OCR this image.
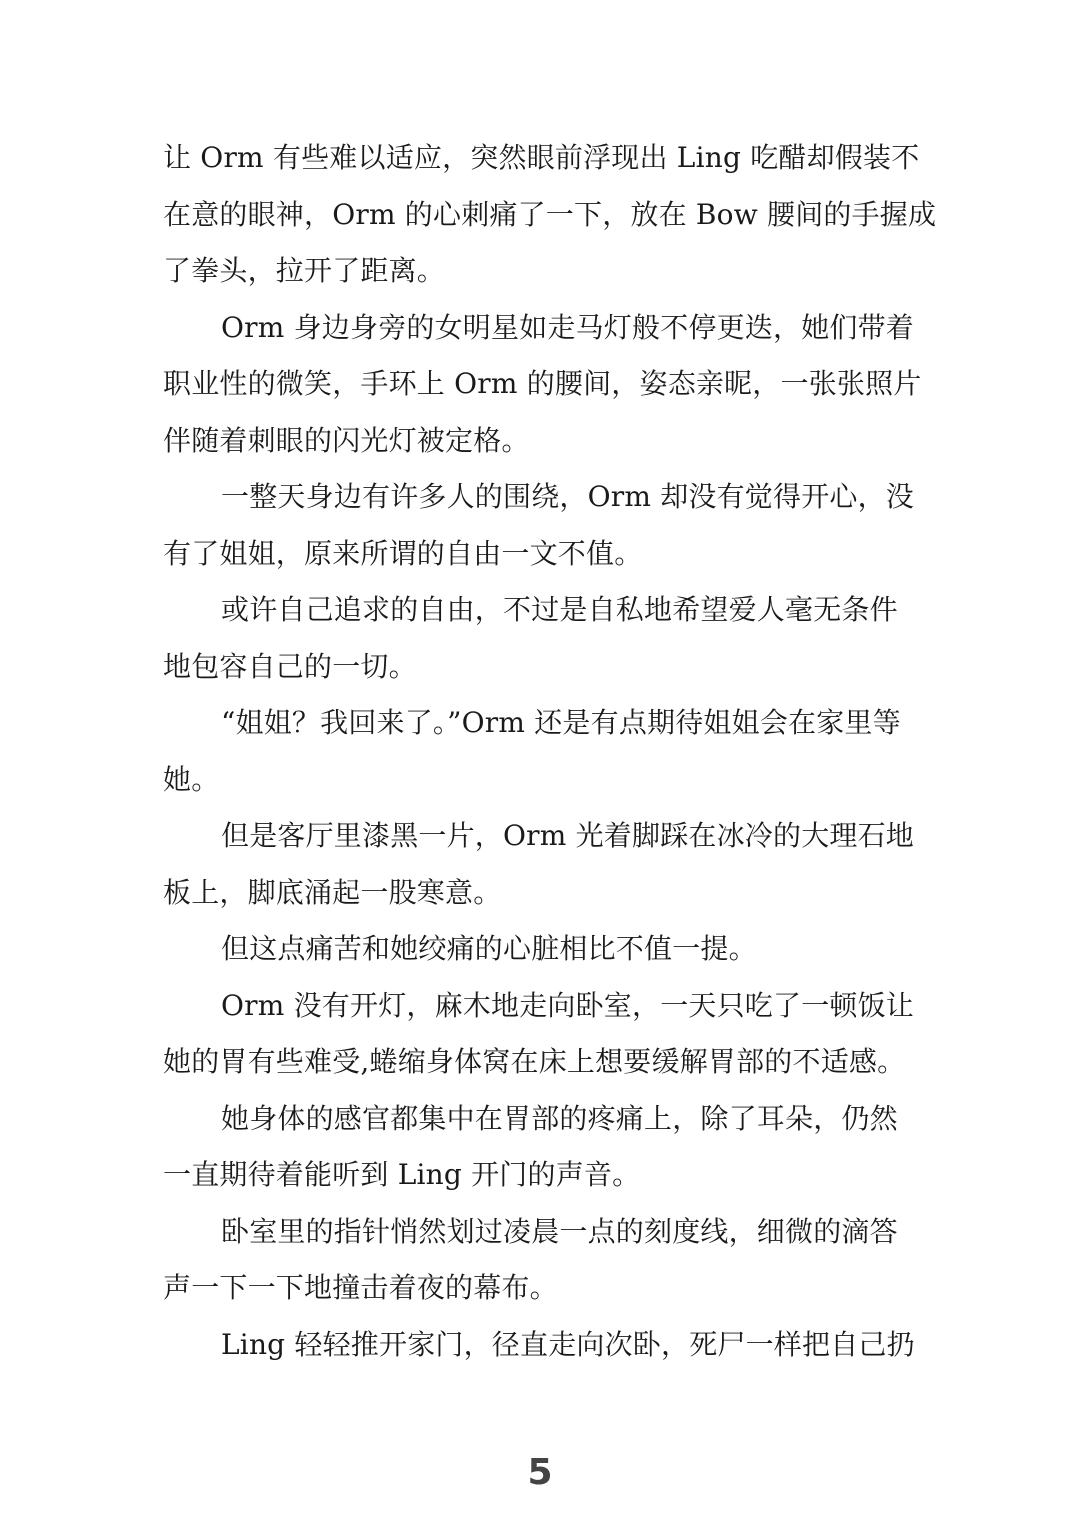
让 Orm 有些难以适应，突然眼前浮现出 Ling 吃醋却假装不
在意的眼神，Orm 的心刺痛了一下，放在 Bow 腰间的手握成
了拳头，拉开了距离。
Orm 身边身旁的女明星如走马灯般不停更迭，她们带着
职业性的微笑，手环上 Orm 的腰间，姿态亲昵，一张张照片
伴随着刺眼的闪光灯被定格。
一整天身边有许多人的围绕，Orm 却没有觉得开心，没
有了姐姐，原来所谓的自由一文不值。
或许自己追求的自由，不过是自私地希望爱人毫无条件
地包容自己的一切。
“姐姐？我回来了。”Orm 还是有点期待姐姐会在家里等
她。
但是客厅里漆黑一片，Orm 光着脚踩在冰冷的大理石地
板上，脚底涌起一股寒意。
但这点痛苦和她绞痛的心脏相比不值一提。
Orm 没有开灯，麻木地走向卧室，一天只吃了一顿饭让
她的胃有些难受,蜷缩身体窝在床上想要缓解胃部的不适感。
她身体的感官都集中在胃部的疼痛上，除了耳朵，仍然
一直期待着能听到 Ling 开门的声音。
卧室里的指针悄然划过凌晨一点的刻度线，细微的滴答
声一下一下地撞击着夜的幕布。
Ling 轻轻推开家门，径直走向次卧，死尸一样把自己扔
5
